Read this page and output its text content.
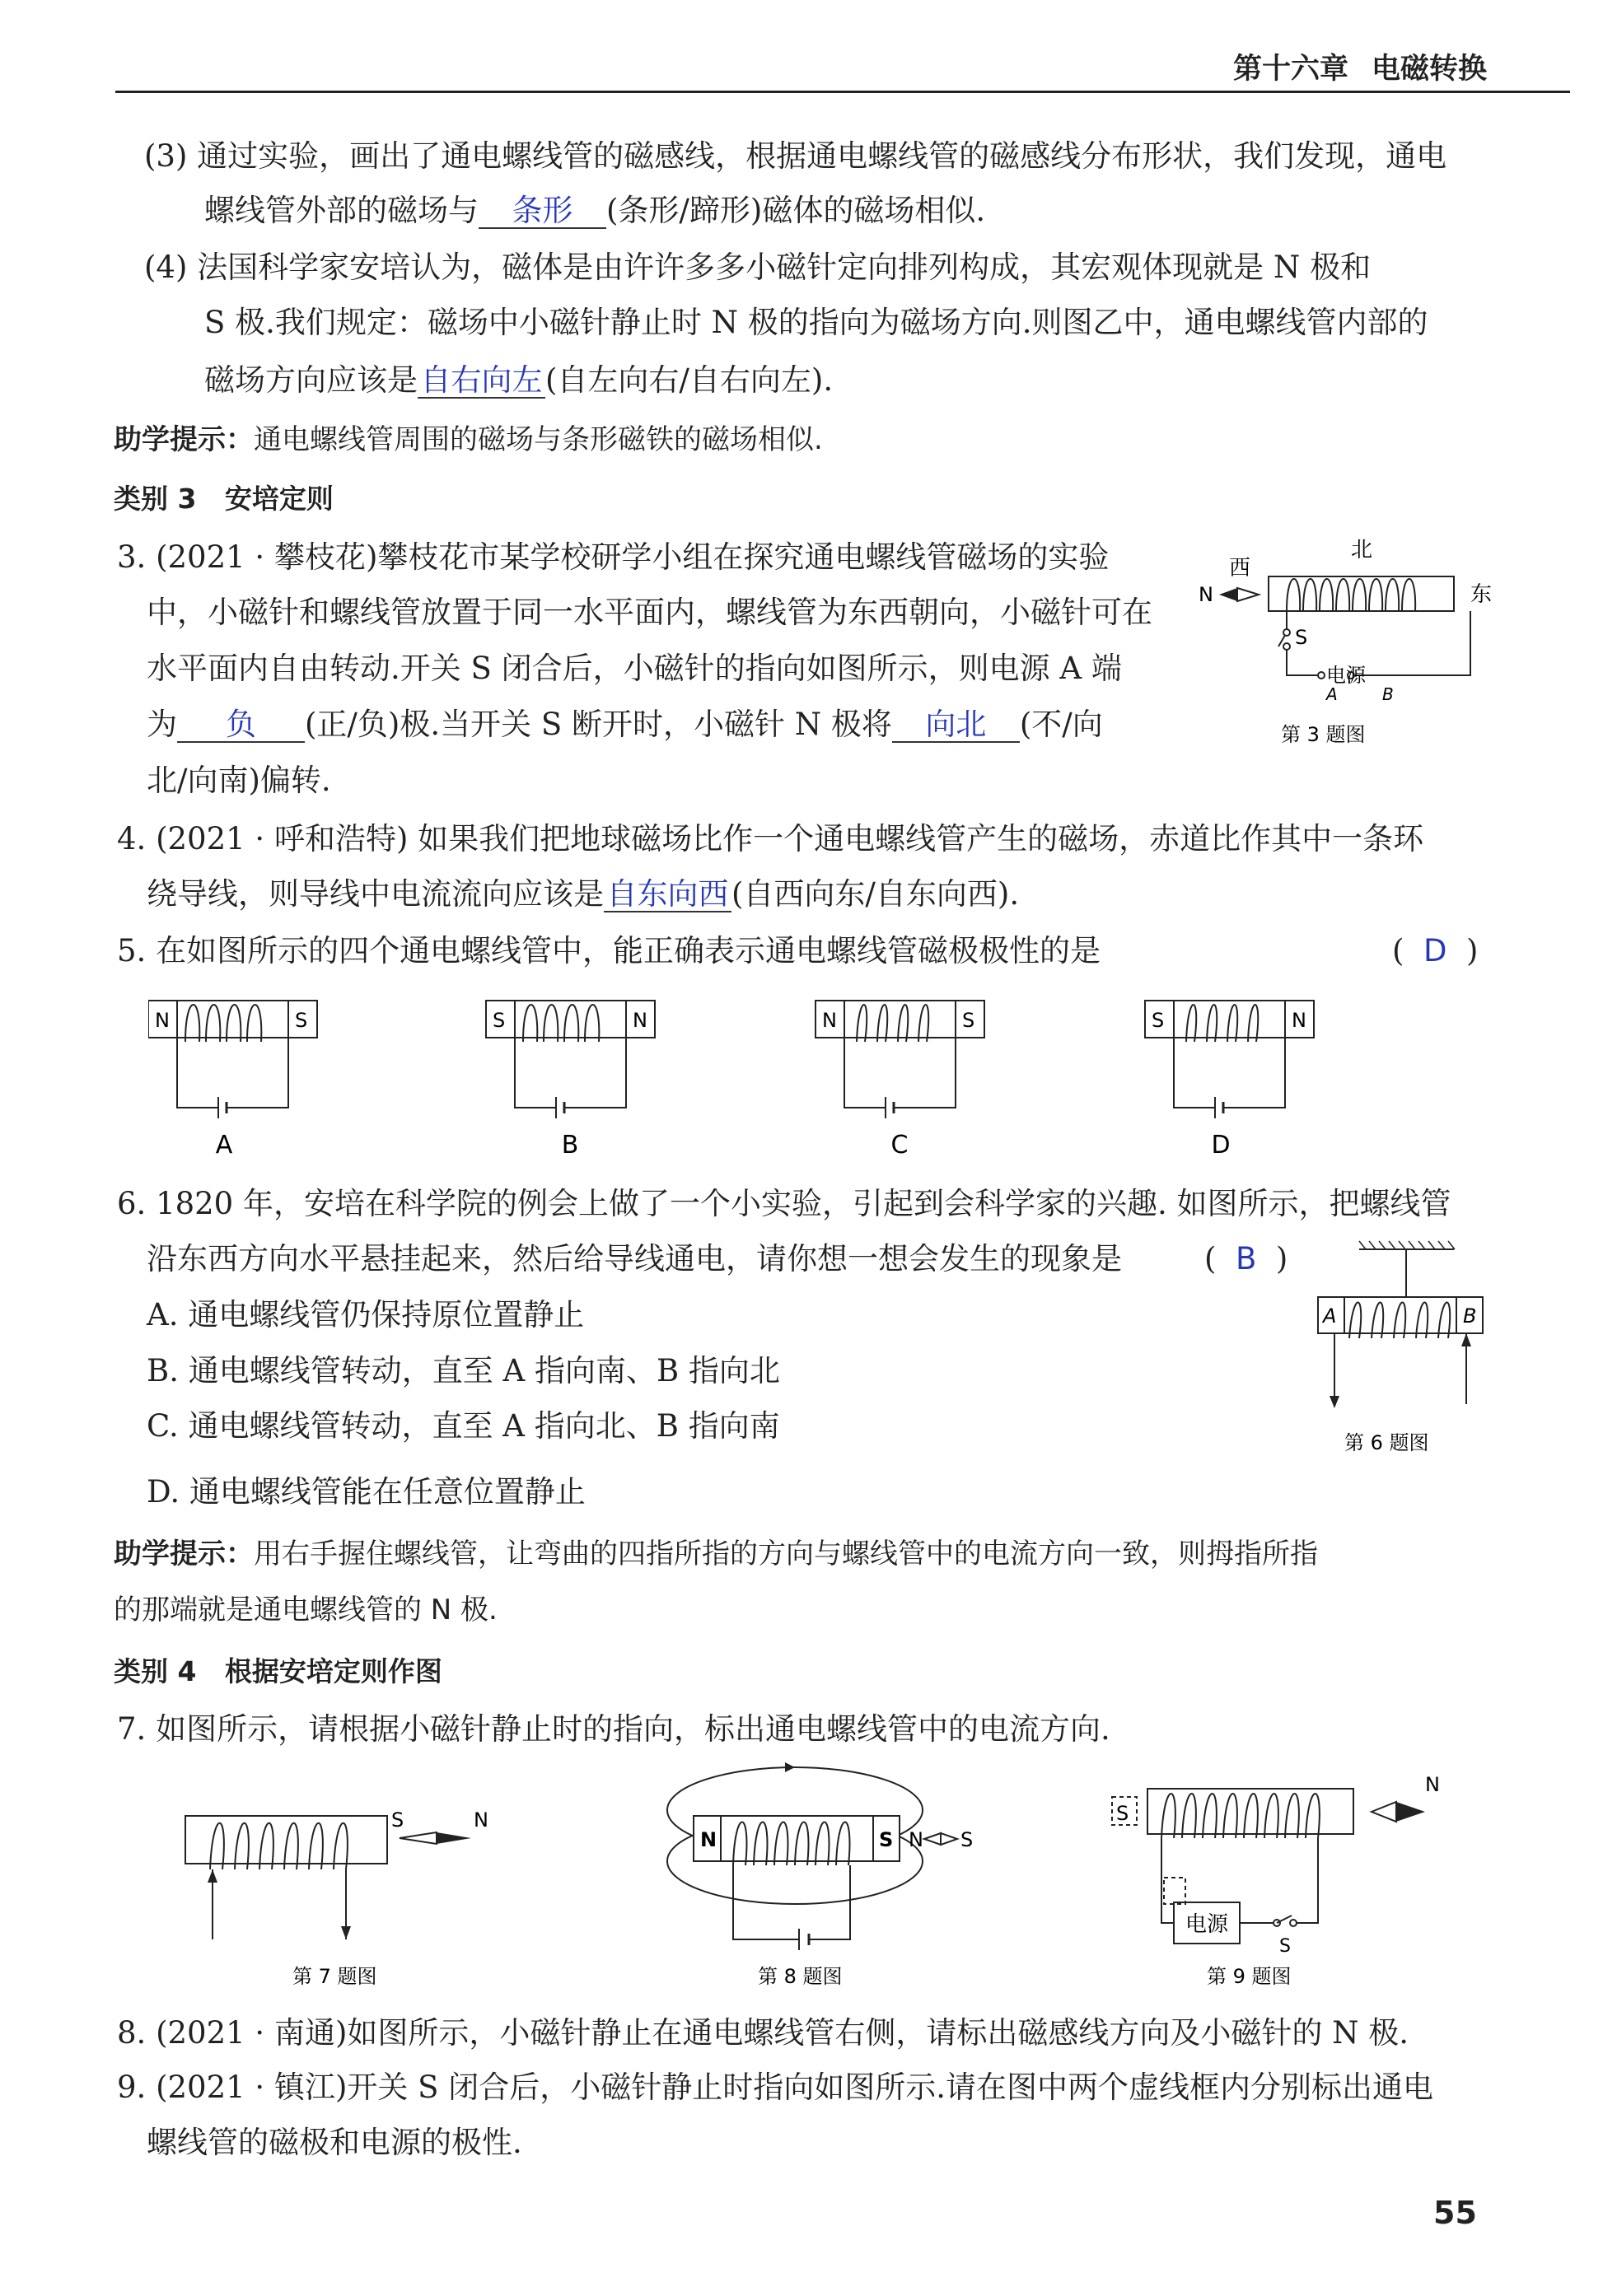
第十六章 电磁转换
(3) 通过实验，画出了通电螺线管的磁感线，根据通电螺线管的磁感线分布形状，我们发现，通电
螺线管外部的磁场与 条形 (条形/蹄形)磁体的磁场相似.
(4) 法国科学家安培认为，磁体是由许许多多小磁针定向排列构成，其宏观体现就是 N 极和
S 极.我们规定：磁场中小磁针静止时 N 极的指向为磁场方向.则图乙中，通电螺线管内部的
磁场方向应该是自右向左(自左向右/自右向左).
助学提示：通电螺线管周围的磁场与条形磁铁的磁场相似.
类别 3 安培定则
3. (2021 · 攀枝花)攀枝花市某学校研学小组在探究通电螺线管磁场的实验
中，小磁针和螺线管放置于同一水平面内，螺线管为东西朝向，小磁针可在
水平面内自由转动.开关 S 闭合后，小磁针的指向如图所示，则电源 A 端
为 负 (正/负)极.当开关 S 断开时，小磁针 N 极将 向北 (不/向
北/向南)偏转.
西
北
东
N
S
电源
A	B
第 3 题图
4. (2021 · 呼和浩特) 如果我们把地球磁场比作一个通电螺线管产生的磁场，赤道比作其中一条环
绕导线，则导线中电流流向应该是自东向西(自西向东/自东向西).
5. 在如图所示的四个通电螺线管中，能正确表示通电螺线管磁极极性的是	( D )
N	S
A
S	N
B
N	S
C
S	N
D
6. 1820 年，安培在科学院的例会上做了一个小实验，引起到会科学家的兴趣. 如图所示，把螺线管
沿东西方向水平悬挂起来，然后给导线通电，请你想一想会发生的现象是	( B )
A. 通电螺线管仍保持原位置静止
B. 通电螺线管转动，直至 A 指向南、B 指向北
C. 通电螺线管转动，直至 A 指向北、B 指向南
D. 通电螺线管能在任意位置静止
A	B
第 6 题图
助学提示：用右手握住螺线管，让弯曲的四指所指的方向与螺线管中的电流方向一致，则拇指所指
的那端就是通电螺线管的 N 极.
类别 4 根据安培定则作图
7. 如图所示，请根据小磁针静止时的指向，标出通电螺线管中的电流方向.
S	N
第 7 题图
N	S N S
第 8 题图
S
N
电源
S
第 9 题图
8. (2021 · 南通)如图所示，小磁针静止在通电螺线管右侧，请标出磁感线方向及小磁针的 N 极.
9. (2021 · 镇江)开关 S 闭合后，小磁针静止时指向如图所示.请在图中两个虚线框内分别标出通电
螺线管的磁极和电源的极性.
55
